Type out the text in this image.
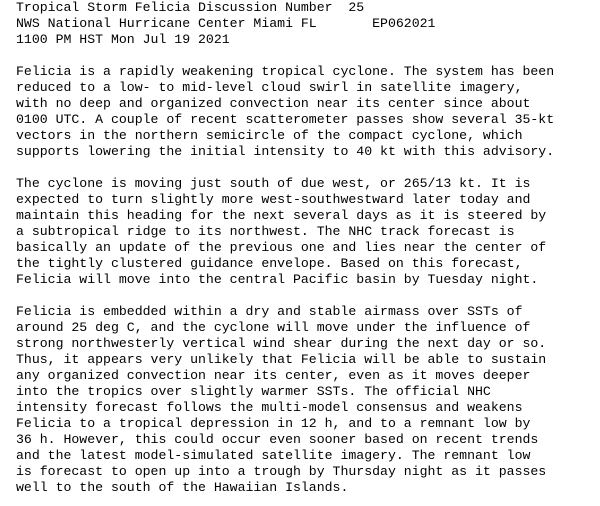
Tropical Storm Felicia Discussion Number  25
NWS National Hurricane Center Miami FL       EP062021
1100 PM HST Mon Jul 19 2021
Felicia is a rapidly weakening tropical cyclone. The system has been
reduced to a low- to mid-level cloud swirl in satellite imagery,
with no deep and organized convection near its center since about
0100 UTC. A couple of recent scatterometer passes show several 35-kt
vectors in the northern semicircle of the compact cyclone, which
supports lowering the initial intensity to 40 kt with this advisory.
The cyclone is moving just south of due west, or 265/13 kt. It is
expected to turn slightly more west-southwestward later today and
maintain this heading for the next several days as it is steered by
a subtropical ridge to its northwest. The NHC track forecast is
basically an update of the previous one and lies near the center of
the tightly clustered guidance envelope. Based on this forecast,
Felicia will move into the central Pacific basin by Tuesday night.
Felicia is embedded within a dry and stable airmass over SSTs of
around 25 deg C, and the cyclone will move under the influence of
strong northwesterly vertical wind shear during the next day or so.
Thus, it appears very unlikely that Felicia will be able to sustain
any organized convection near its center, even as it moves deeper
into the tropics over slightly warmer SSTs. The official NHC
intensity forecast follows the multi-model consensus and weakens
Felicia to a tropical depression in 12 h, and to a remnant low by
36 h. However, this could occur even sooner based on recent trends
and the latest model-simulated satellite imagery. The remnant low
is forecast to open up into a trough by Thursday night as it passes
well to the south of the Hawaiian Islands.
